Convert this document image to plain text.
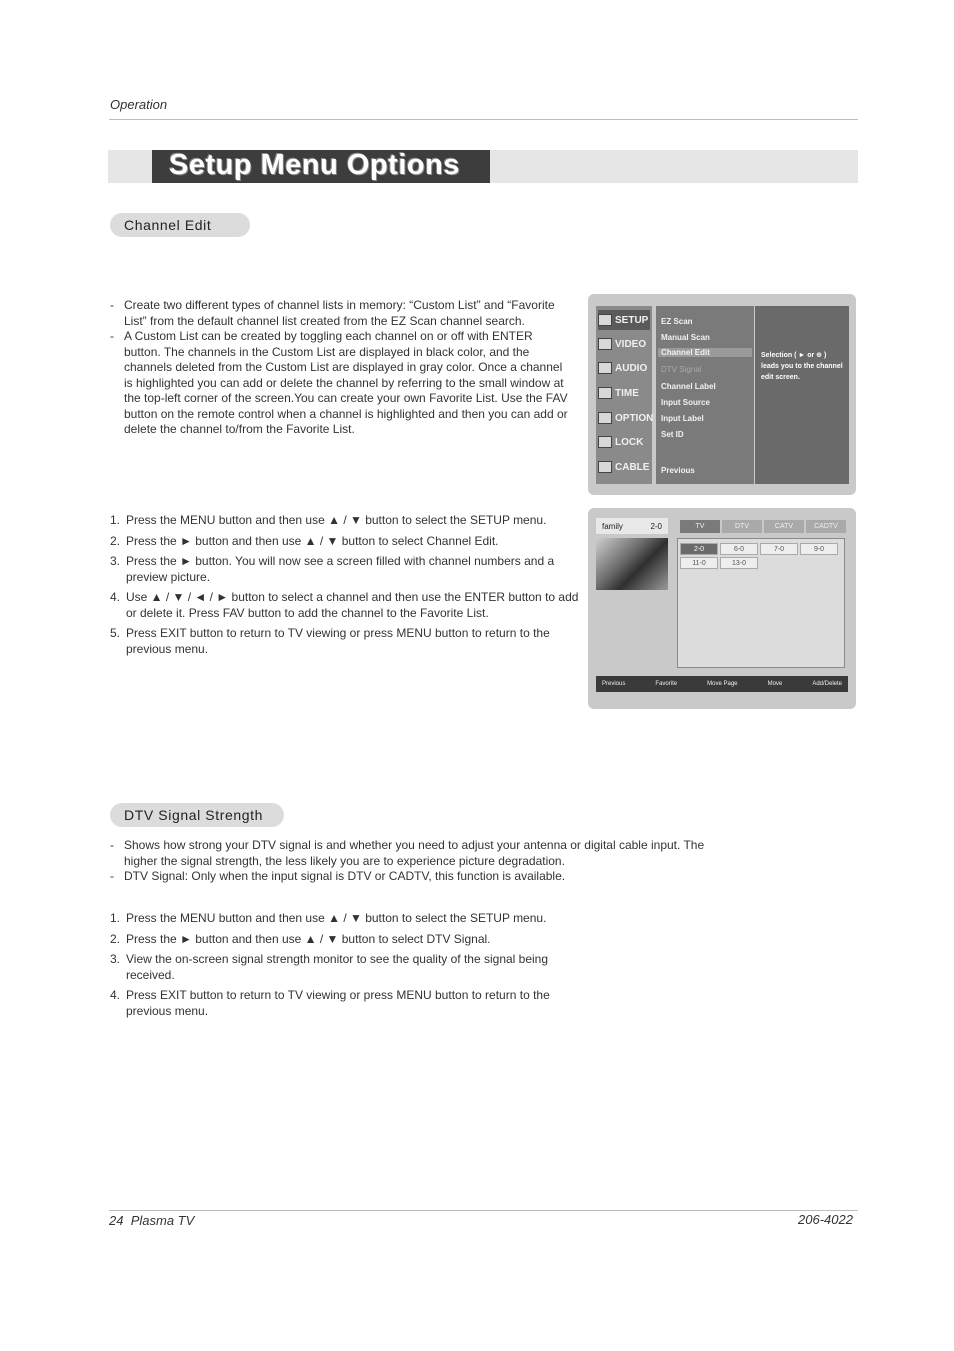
Operation
Setup Menu Options
Channel Edit
- Create two different types of channel lists in memory: “Custom List” and “Favorite List” from the default channel list created from the EZ Scan channel search.
- A Custom List can be created by toggling each channel on or off with ENTER button. The channels in the Custom List are displayed in black color, and the channels deleted from the Custom List are displayed in gray color. Once a channel is highlighted you can add or delete the channel by referring to the small window at the top-left corner of the screen.You can create your own Favorite List. Use the FAV button on the remote control when a channel is highlighted and then you can add or delete the channel to/from the Favorite List.
1. Press the MENU button and then use ▲ / ▼ button to select the SETUP menu.
2. Press the ► button and then use ▲ / ▼ button to select Channel Edit.
3. Press the ► button. You will now see a screen filled with channel numbers and a preview picture.
4. Use ▲ / ▼ / ◄ / ► button to select a channel and then use the ENTER button to add or delete it. Press FAV button to add the channel to the Favorite List.
5. Press EXIT button to return to TV viewing or press MENU button to return to the previous menu.
SETUP
VIDEO
AUDIO
TIME
OPTION
LOCK
CABLE
EZ Scan
Manual Scan
Channel Edit
DTV Signal
Channel Label
Input Source
Input Label
Set ID
Previous
Selection ( ► or ⊕ ) leads you to the channel edit screen.
family	2-0	TV	DTV	CATV	CADTV
2-0	6-0	7-0	9-0
11-0	13-0
Previous	Favorite	Move Page	Move	Add/Delete
DTV Signal Strength
- Shows how strong your DTV signal is and whether you need to adjust your antenna or digital cable input. The higher the signal strength, the less likely you are to experience picture degradation.
- DTV Signal: Only when the input signal is DTV or CADTV, this function is available.
1. Press the MENU button and then use ▲ / ▼ button to select the SETUP menu.
2. Press the ► button and then use ▲ / ▼ button to select DTV Signal.
3. View the on-screen signal strength monitor to see the quality of the signal being received.
4. Press EXIT button to return to TV viewing or press MENU button to return to the previous menu.
24 Plasma TV	206-4022
